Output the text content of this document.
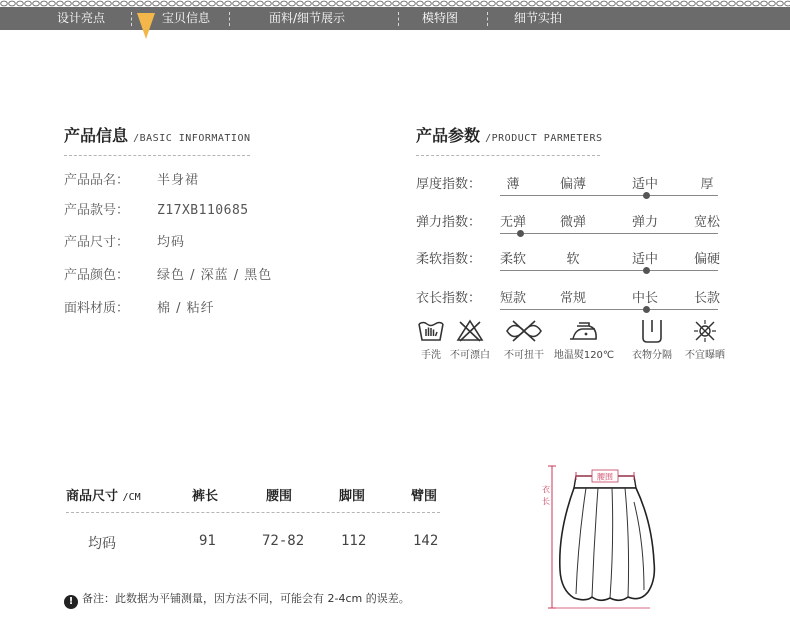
设计亮点	宝贝信息	面料/细节展示	模特图	细节实拍
产品信息 /BASIC INFORMATION
产品品名： 半身裙
产品款号： Z17XB110685
产品尺寸： 均码
产品颜色： 绿色 / 深蓝 / 黑色
面料材质： 棉 / 粘纤
产品参数 /PRODUCT PARMETERS
厚度指数：	薄	偏薄	适中	厚
弹力指数：	无弹	微弹	弹力	宽松
柔软指数：	柔软	软	适中	偏硬
衣长指数：	短款	常规	中长	长款
手洗 不可漂白	不可扭干 地温熨120℃	衣物分隔	不宜曝晒
商品尺寸 /CM	裤长	腰围	脚围	臂围
均码	91	72-82	112	142
腰围
衣
长
! 备注：此数据为平铺测量，因方法不同，可能会有 2-4cm 的误差。
